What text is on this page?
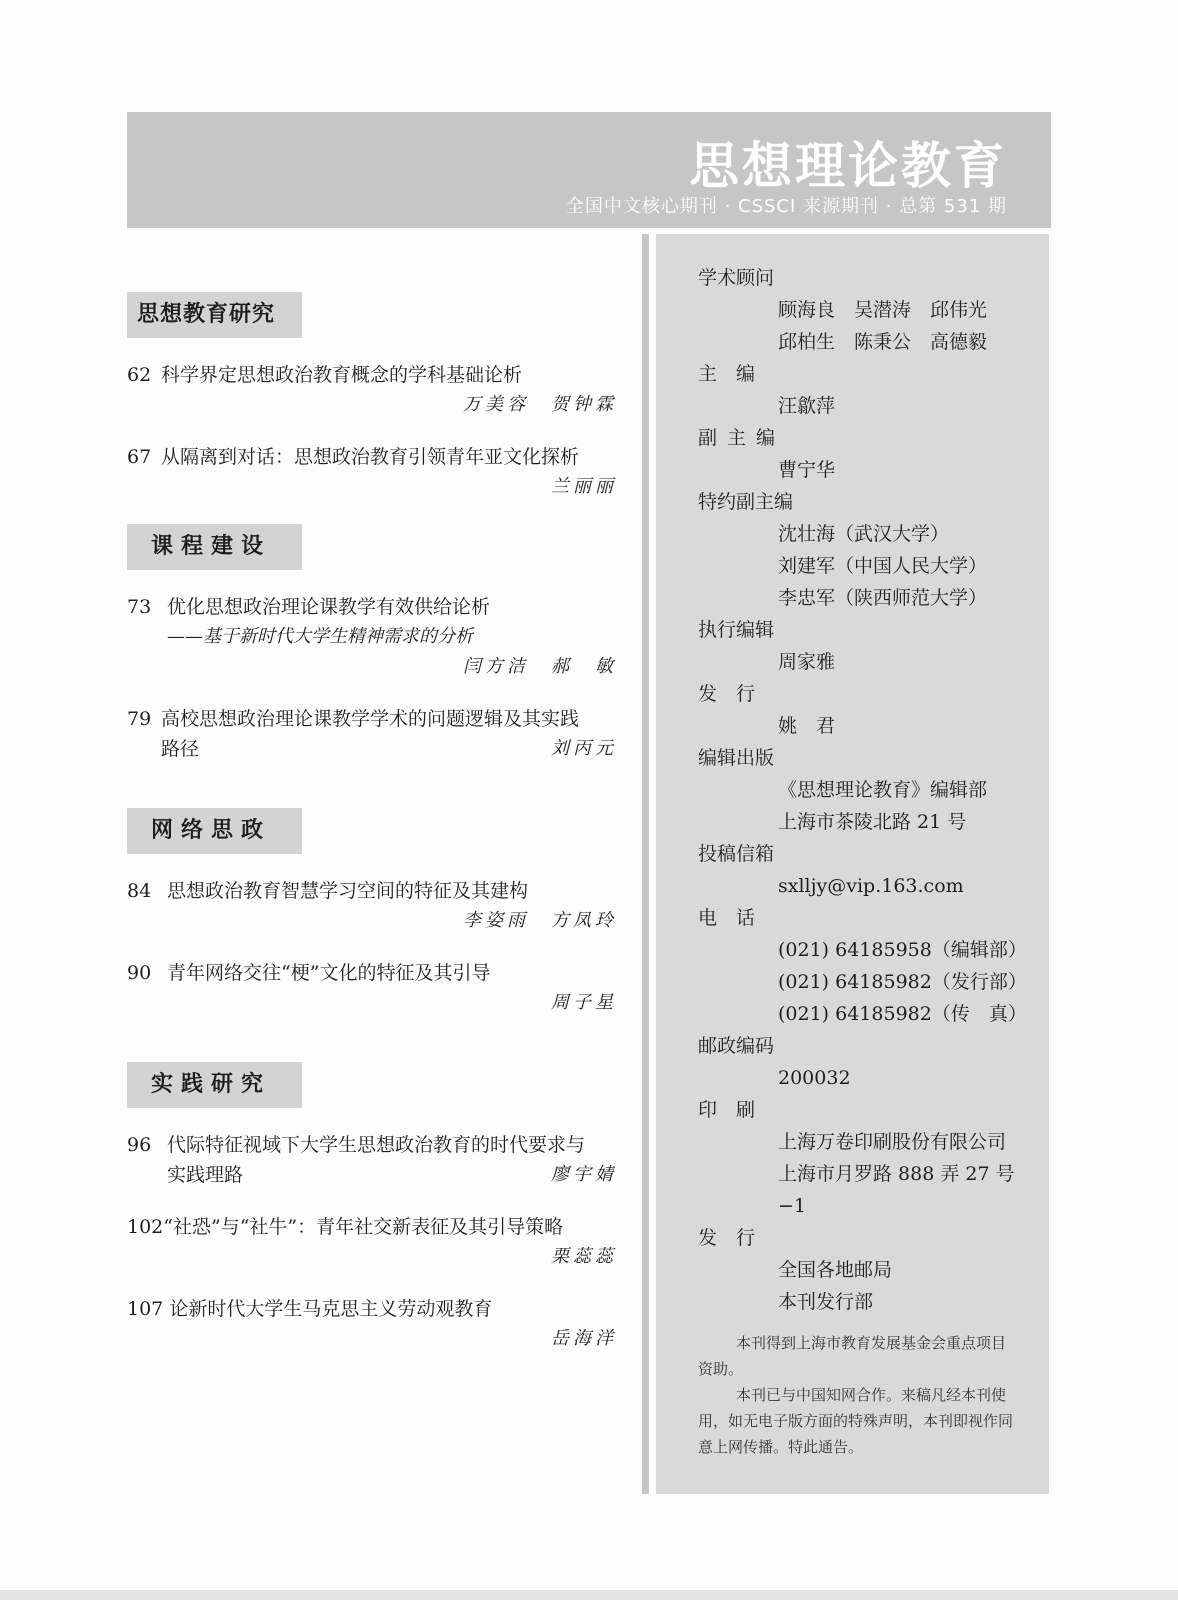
思想理论教育
全国中文核心期刊 · CSSCI 来源期刊 · 总第 531 期
思想教育研究
62 科学界定思想政治教育概念的学科基础论析
万美容　贺钟霖
67 从隔离到对话：思想政治教育引领青年亚文化探析
兰丽丽
课程建设
73 优化思想政治理论课教学有效供给论析
——基于新时代大学生精神需求的分析
闫方洁　郝　敏
79 高校思想政治理论课教学学术的问题逻辑及其实践
路径	刘丙元
网络思政
84 思想政治教育智慧学习空间的特征及其建构
李姿雨　方凤玲
90 青年网络交往“梗”文化的特征及其引导
周子星
实践研究
96 代际特征视域下大学生思想政治教育的时代要求与
实践理路	廖宇婧
102“社恐”与“社牛”：青年社交新表征及其引导策略
栗蕊蕊
107 论新时代大学生马克思主义劳动观教育
岳海洋
学术顾问
顾海良　吴潜涛　邱伟光
邱柏生　陈秉公　高德毅
主　编
汪歙萍
副主编
曹宁华
特约副主编
沈壮海（武汉大学）
刘建军（中国人民大学）
李忠军（陕西师范大学）
执行编辑
周家雅
发　行
姚　君
编辑出版
《思想理论教育》编辑部
上海市茶陵北路 21 号
投稿信箱
sxlljy@vip.163.com
电　话
(021) 64185958（编辑部）
(021) 64185982（发行部）
(021) 64185982（传　真）
邮政编码
200032
印　刷
上海万卷印刷股份有限公司
上海市月罗路 888 弄 27 号 −1
发　行
全国各地邮局
本刊发行部

本刊得到上海市教育发展基金会重点项目资助。

本刊已与中国知网合作。来稿凡经本刊使用，如无电子版方面的特殊声明，本刊即视作同意上网传播。特此通告。
